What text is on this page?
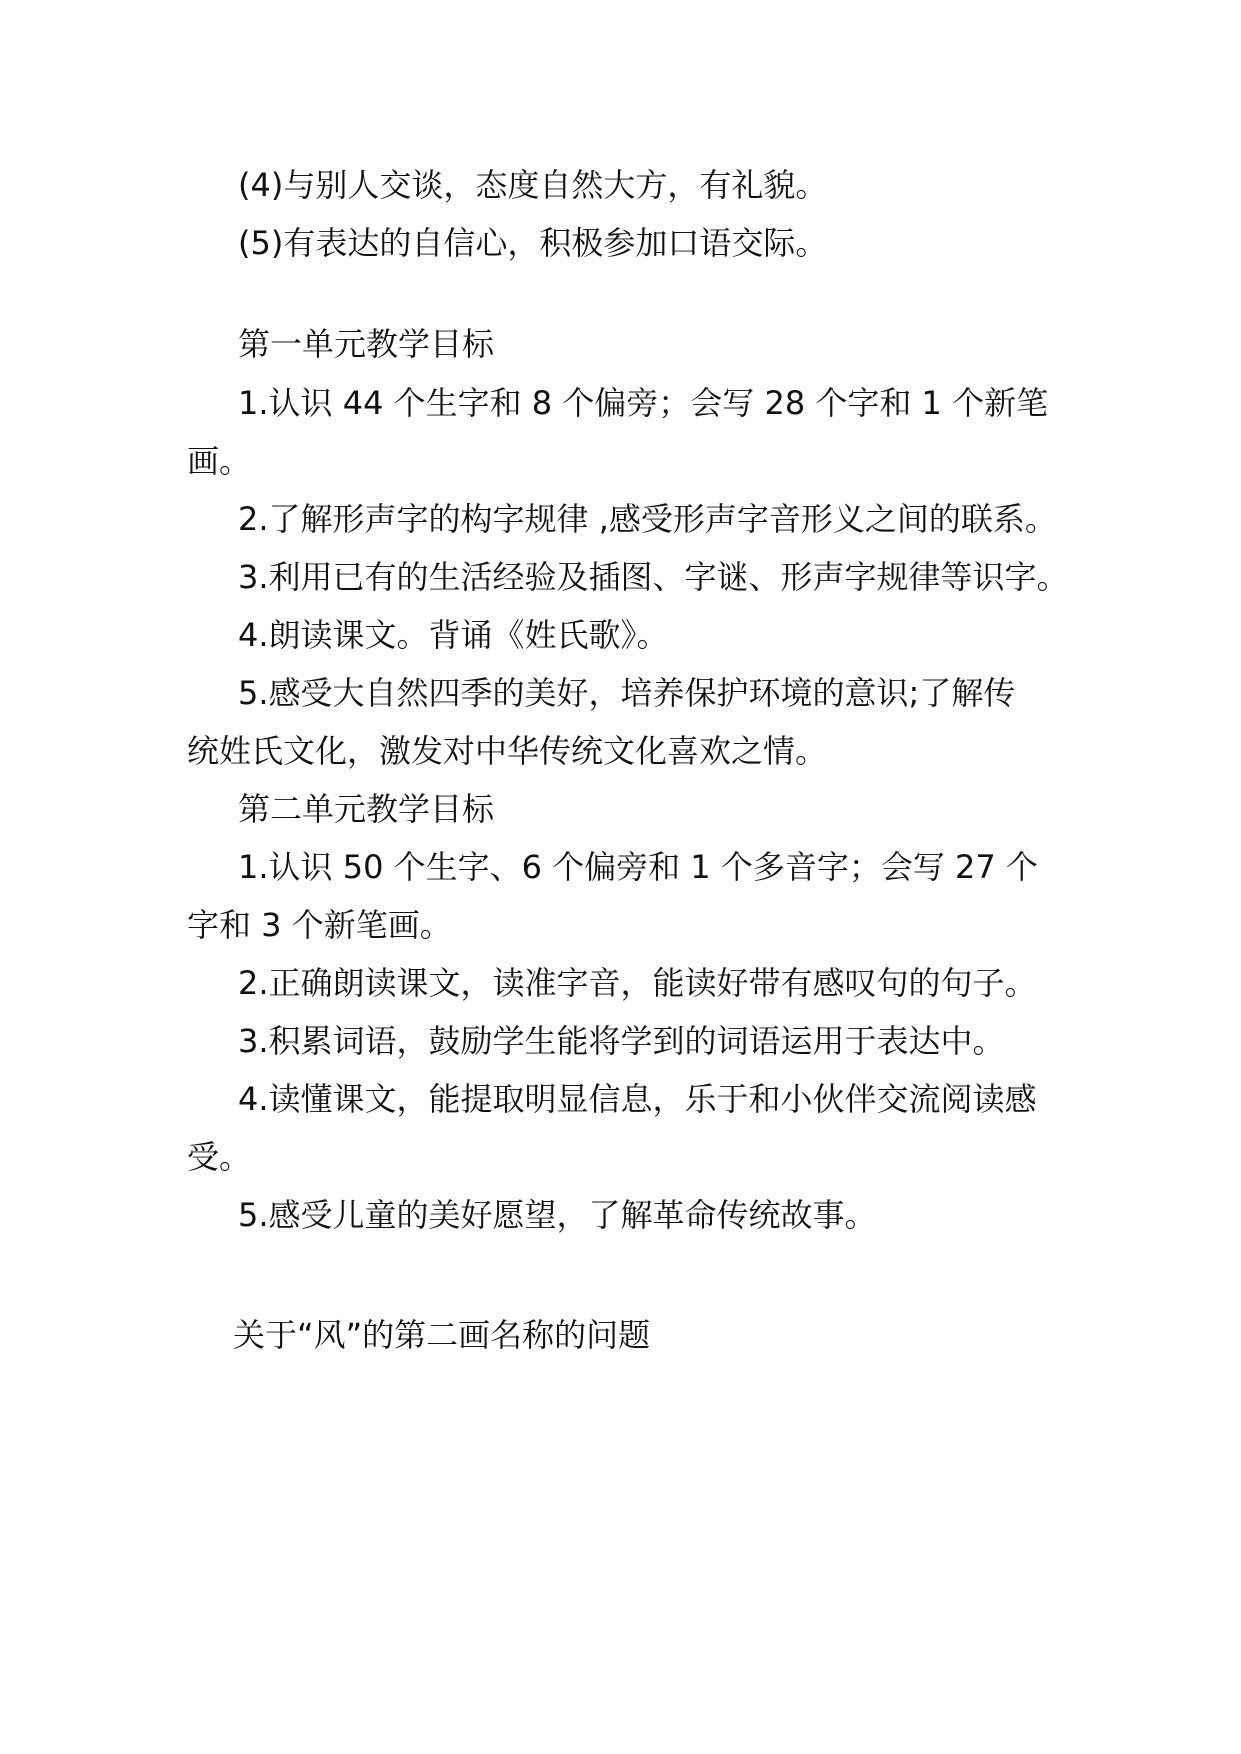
(4)与别人交谈，态度自然大方，有礼貌。
(5)有表达的自信心，积极参加口语交际。
第一单元教学目标
1.认识 44 个生字和 8 个偏旁；会写 28 个字和 1 个新笔
画。
2.了解形声字的构字规律 ,感受形声字音形义之间的联系。
3.利用已有的生活经验及插图、字谜、形声字规律等识字。
4.朗读课文。背诵《姓氏歌》。
5.感受大自然四季的美好，培养保护环境的意识;了解传
统姓氏文化，激发对中华传统文化喜欢之情。
第二单元教学目标
1.认识 50 个生字、6 个偏旁和 1 个多音字；会写 27 个
字和 3 个新笔画。
2.正确朗读课文，读准字音，能读好带有感叹句的句子。
3.积累词语，鼓励学生能将学到的词语运用于表达中。
4.读懂课文，能提取明显信息，乐于和小伙伴交流阅读感
受。
5.感受儿童的美好愿望，了解革命传统故事。
关于“风”的第二画名称的问题
